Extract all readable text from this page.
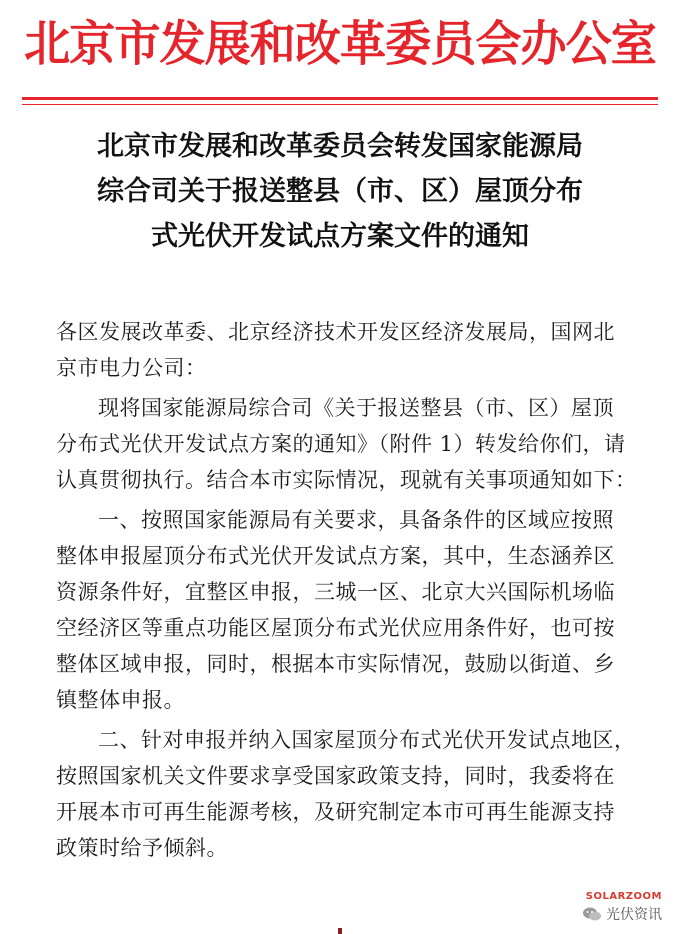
北京市发展和改革委员会办公室
北京市发展和改革委员会转发国家能源局
综合司关于报送整县（市、区）屋顶分布
式光伏开发试点方案文件的通知
各区发展改革委、北京经济技术开发区经济发展局，国网北
京市电力公司：
现将国家能源局综合司《关于报送整县（市、区）屋顶
分布式光伏开发试点方案的通知》（附件 1）转发给你们，请
认真贯彻执行。结合本市实际情况，现就有关事项通知如下：
一、按照国家能源局有关要求，具备条件的区域应按照
整体申报屋顶分布式光伏开发试点方案，其中，生态涵养区
资源条件好，宜整区申报，三城一区、北京大兴国际机场临
空经济区等重点功能区屋顶分布式光伏应用条件好，也可按
整体区域申报，同时，根据本市实际情况，鼓励以街道、乡
镇整体申报。
二、针对申报并纳入国家屋顶分布式光伏开发试点地区，
按照国家机关文件要求享受国家政策支持，同时，我委将在
开展本市可再生能源考核，及研究制定本市可再生能源支持
政策时给予倾斜。
SOLARZOOM
光伏资讯
